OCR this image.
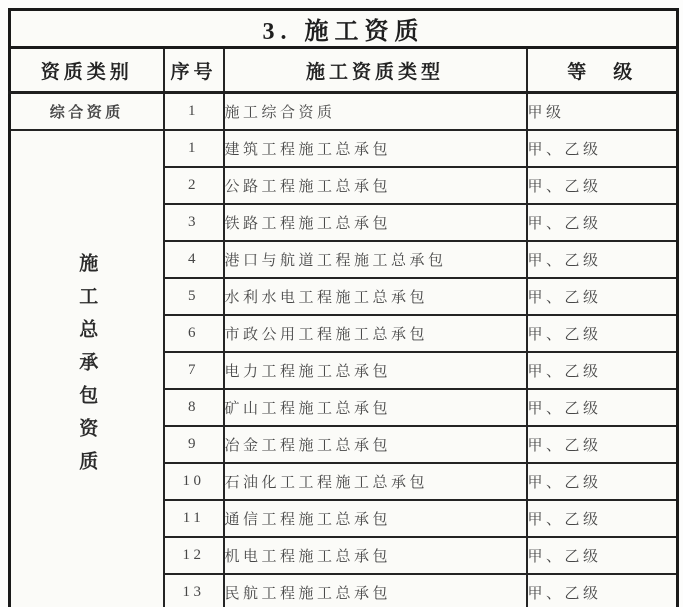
3. 施工资质			
资质类别	序号	施工资质类型	等　级
综合资质	1	施工综合资质	甲级
施工总承包资质	1	建筑工程施工总承包	甲、乙级
	2	公路工程施工总承包	甲、乙级
	3	铁路工程施工总承包	甲、乙级
	4	港口与航道工程施工总承包	甲、乙级
	5	水利水电工程施工总承包	甲、乙级
	6	市政公用工程施工总承包	甲、乙级
	7	电力工程施工总承包	甲、乙级
	8	矿山工程施工总承包	甲、乙级
	9	冶金工程施工总承包	甲、乙级
	10	石油化工工程施工总承包	甲、乙级
	11	通信工程施工总承包	甲、乙级
	12	机电工程施工总承包	甲、乙级
	13	民航工程施工总承包	甲、乙级
